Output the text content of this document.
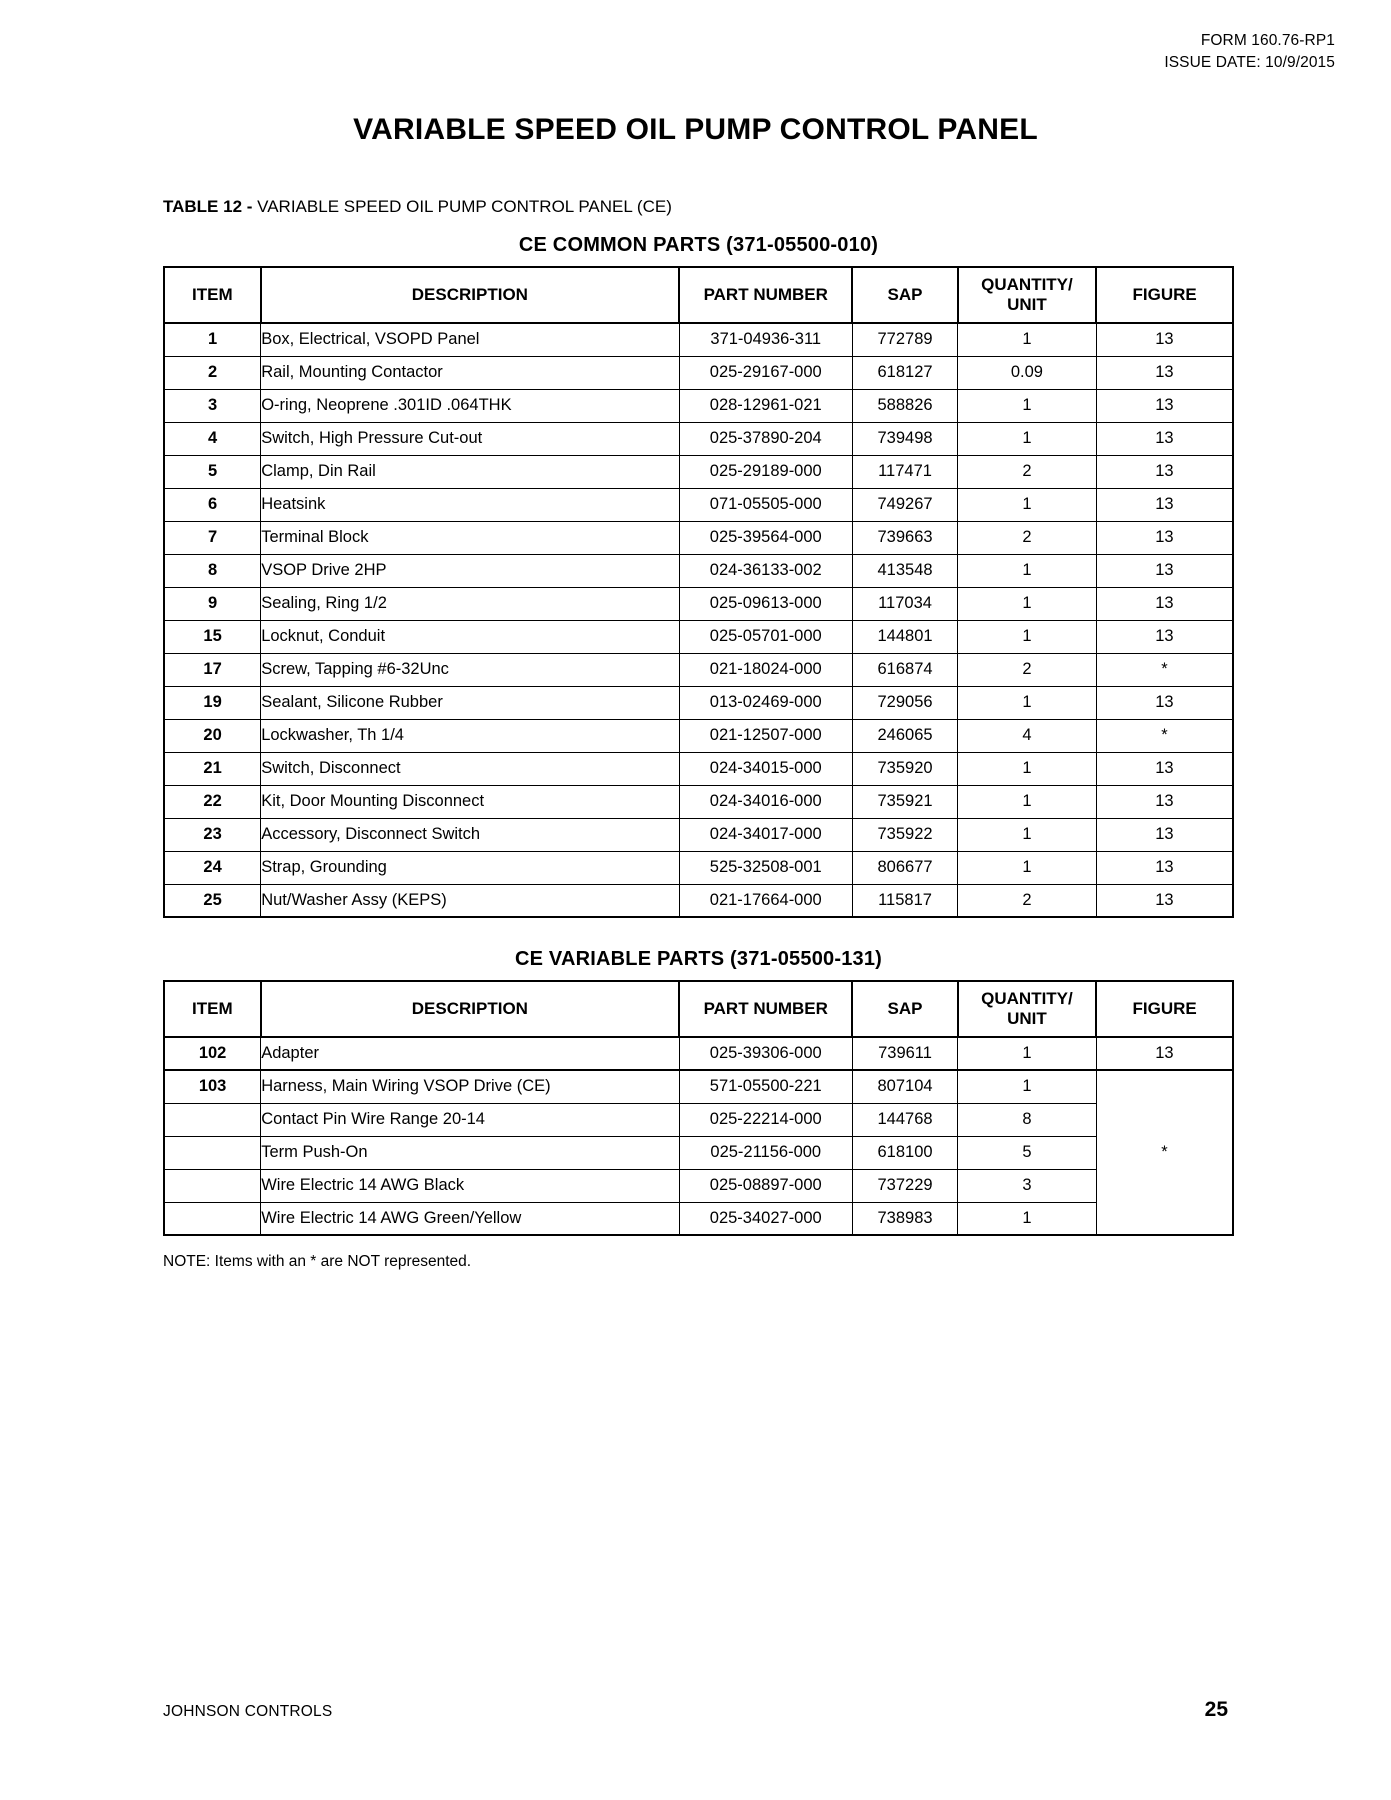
FORM 160.76-RP1
ISSUE DATE: 10/9/2015
VARIABLE SPEED OIL PUMP CONTROL PANEL
TABLE 12 - VARIABLE SPEED OIL PUMP CONTROL PANEL (CE)
CE COMMON PARTS (371-05500-010)
ITEM	DESCRIPTION	PART NUMBER	SAP	QUANTITY/
UNIT	FIGURE
1	Box, Electrical, VSOPD Panel	371-04936-311	772789	1	13
2	Rail, Mounting Contactor	025-29167-000	618127	0.09	13
3	O-ring, Neoprene .301ID .064THK	028-12961-021	588826	1	13
4	Switch, High Pressure Cut-out	025-37890-204	739498	1	13
5	Clamp, Din Rail	025-29189-000	117471	2	13
6	Heatsink	071-05505-000	749267	1	13
7	Terminal Block	025-39564-000	739663	2	13
8	VSOP Drive 2HP	024-36133-002	413548	1	13
9	Sealing, Ring 1/2	025-09613-000	117034	1	13
15	Locknut, Conduit	025-05701-000	144801	1	13
17	Screw, Tapping #6-32Unc	021-18024-000	616874	2	*
19	Sealant, Silicone Rubber	013-02469-000	729056	1	13
20	Lockwasher, Th 1/4	021-12507-000	246065	4	*
21	Switch, Disconnect	024-34015-000	735920	1	13
22	Kit, Door Mounting Disconnect	024-34016-000	735921	1	13
23	Accessory, Disconnect Switch	024-34017-000	735922	1	13
24	Strap, Grounding	525-32508-001	806677	1	13
25	Nut/Washer Assy (KEPS)	021-17664-000	115817	2	13
CE VARIABLE PARTS (371-05500-131)
ITEM	DESCRIPTION	PART NUMBER	SAP	QUANTITY/
UNIT	FIGURE
102	Adapter	025-39306-000	739611	1	13
103	Harness, Main Wiring VSOP Drive (CE)	571-05500-221	807104	1	*
	Contact Pin Wire Range 20-14	025-22214-000	144768	8	
	Term Push-On	025-21156-000	618100	5	
	Wire Electric 14 AWG Black	025-08897-000	737229	3	
	Wire Electric 14 AWG Green/Yellow	025-34027-000	738983	1	
NOTE: Items with an * are NOT represented.
JOHNSON CONTROLS	25
